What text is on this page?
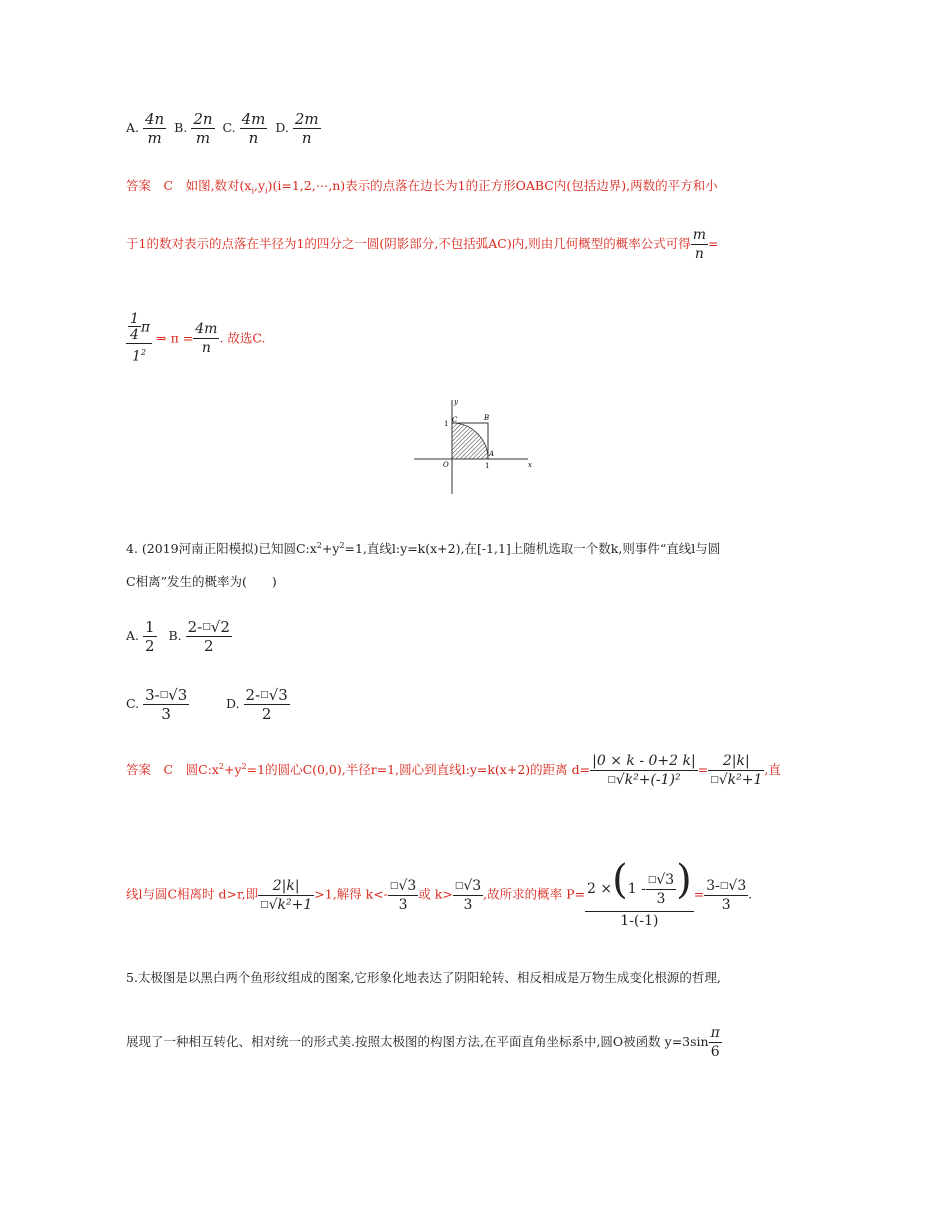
A. $\frac{4n}{m} B$. $\frac{2n}{m} C$. $\frac{4m}{n} D$. $\frac{2m}{n}$
答案　C　如图,数对$(x_i,y_i)(i=1,2,\cdots,n)$表示的点落在边长为1的正方形OABC内(包括边界),两数的平方和小
于1的数对表示的点落在半径为1的四分之一圆(阴影部分,不包括弧AC)内,则由几何概型的概率公式可得 $\frac{m}{n}$ =
$\frac{\frac{1}{4} \pi}{1^2}$ ⇒ $\pi = \frac{4m}{n}$ . 故选C.
y
x
C	B
A
O
1
1
4. (2019河南正阳模拟)已知圆$C:x^2+y^2=1$,直线l:y=k(x+2),在[-1,1]上随机选取一个数k,则事件“直线l与圆
C相离”发生的概率为(　　)
A. $\frac{1}{2} B$. $\frac{2-^□√2}{2}$
C. $\frac{3-^□√3}{3}$	D. $\frac{2-^□√3}{2}$
答案　C　圆$C:x^2+y^2=1$的圆心C(0,0),半径r=1,圆心到直线l:y=k(x+2)的距离 $d= \frac{|0 \times k - 0+2 k|}{^□√k^2+(-1)^2} = \frac{2|k|}{^□√k^2+1}$ ,直
线l与圆C相离时 d>r,即 $\frac{2|k|}{^□√k^2+1} >1$,解得 $k<- \frac{^□√3}{3}$ 或 $k> \frac{^□√3}{3}$ ,故所求的概率 $P= \frac{2 \times(1 - \frac{^□√3}{3} )}{1-(-1)} = \frac{3-^□√3}{3}$ .
5.太极图是以黑白两个鱼形纹组成的图案,它形象化地表达了阴阳轮转、相反相成是万物生成变化根源的哲理,
展现了一种相互转化、相对统一的形式美.按照太极图的构图方法,在平面直角坐标系中,圆O被函数 $y=3\sin \frac{\pi}{6}$
